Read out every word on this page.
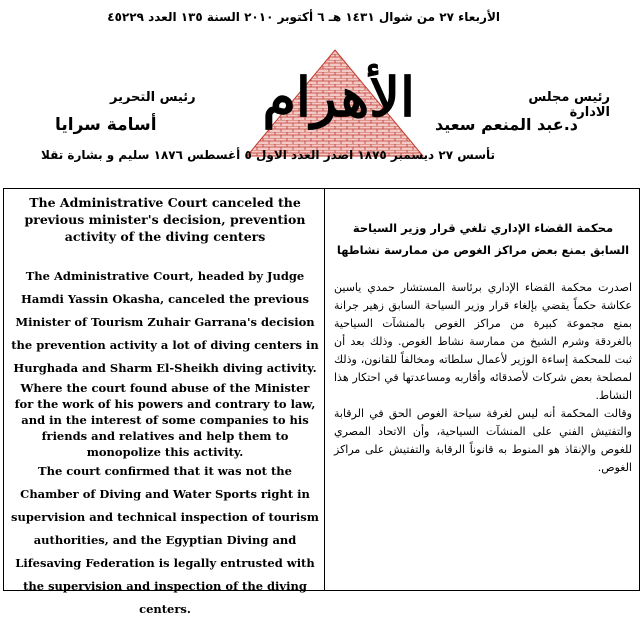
الأربعاء ٢٧ من شوال ١٤٣١ هـ ٦ أكتوبر ٢٠١٠ السنة ١٣٥ العدد ٤٥٢٢٩
الأهرام
رئيس التحرير
أسامة سرايا
رئيس مجلس الادارة
د.عبد المنعم سعيد
تأسس ٢٧ ديسمبر ١٨٧٥ اصدر العدد الاول ٥ أغسطس ١٨٧٦ سليم و بشارة تقلا

The Administrative Court canceled the previous minister's decision, prevention activity of the diving centers

The Administrative Court, headed by Judge Hamdi Yassin Okasha, canceled the previous Minister of Tourism Zuhair Garrana's decision the prevention activity a lot of diving centers in Hurghada and Sharm El-Sheikh diving activity.

Where the court found abuse of the Minister for the work of his powers and contrary to law, and in the interest of some companies to his friends and relatives and help them to monopolize this activity.

The court confirmed that it was not the Chamber of Diving and Water Sports right in supervision and technical inspection of tourism authorities, and the Egyptian Diving and Lifesaving Federation is legally entrusted with the supervision and inspection of the diving centers.

محكمة القضاء الإداري تلغي قرار وزير السياحة السابق بمنع بعض مراكز الغوص من ممارسة نشاطها

اصدرت محكمة القضاء الإداري برئاسة المستشار حمدي ياسين عكاشة حكماً يقضي بإلغاء قرار وزير السياحة السابق زهير جرانة بمنع مجموعة كبيرة من مراكز الغوص بالمنشآت السياحية بالغردقة وشرم الشيخ من ممارسة نشاط الغوص. وذلك بعد أن ثبت للمحكمة إساءة الوزير لأعمال سلطاته ومخالفاً للقانون، وذلك لمصلحة بعض شركات لأصدقائه وأقاربه ومساعدتها في احتكار هذا النشاط.

وقالت المحكمة أنه ليس لغرفة سياحة الغوص الحق في الرقابة والتفتيش الفني على المنشآت السياحية، وأن الاتحاد المصري للغوص والإنقاذ هو المنوط به قانوناً الرقابة والتفتيش على مراكز الغوص.
